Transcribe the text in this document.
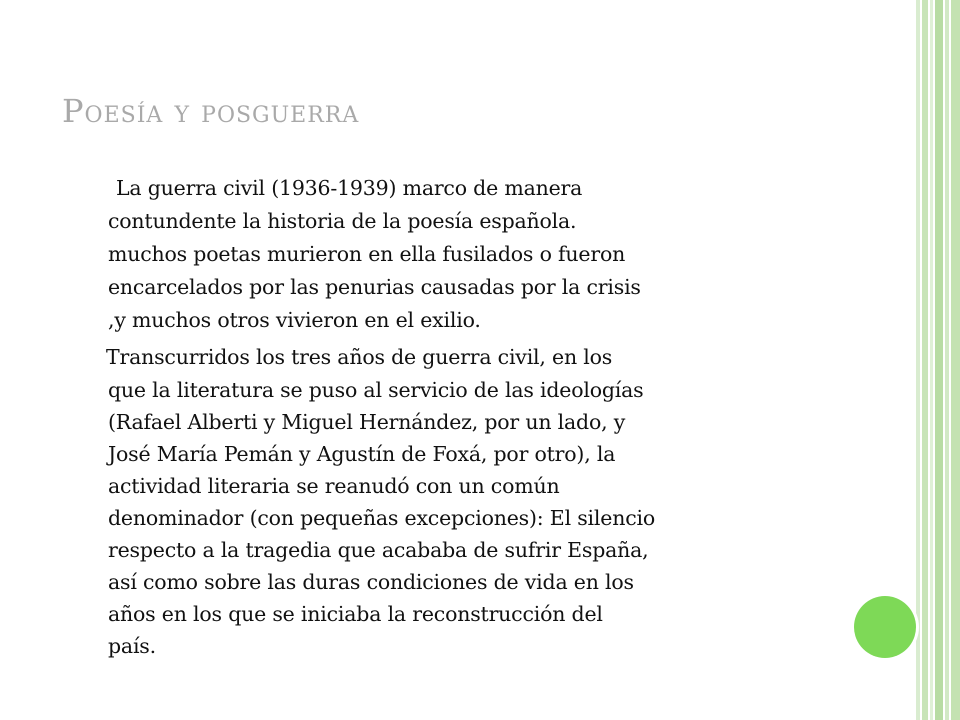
Poesía y posguerra

La guerra civil (1936-1939) marco de manera

contundente la historia de la poesía española.

muchos poetas murieron en ella fusilados o fueron

encarcelados por las penurias causadas por la crisis

,y muchos otros vivieron en el exilio.

Transcurridos los tres años de guerra civil, en los

que la literatura se puso al servicio de las ideologías

(Rafael Alberti y Miguel Hernández, por un lado, y

José María Pemán y Agustín de Foxá, por otro), la

actividad literaria se reanudó con un común

denominador (con pequeñas excepciones): El silencio

respecto a la tragedia que acababa de sufrir España,

así como sobre las duras condiciones de vida en los

años en los que se iniciaba la reconstrucción del

país.
